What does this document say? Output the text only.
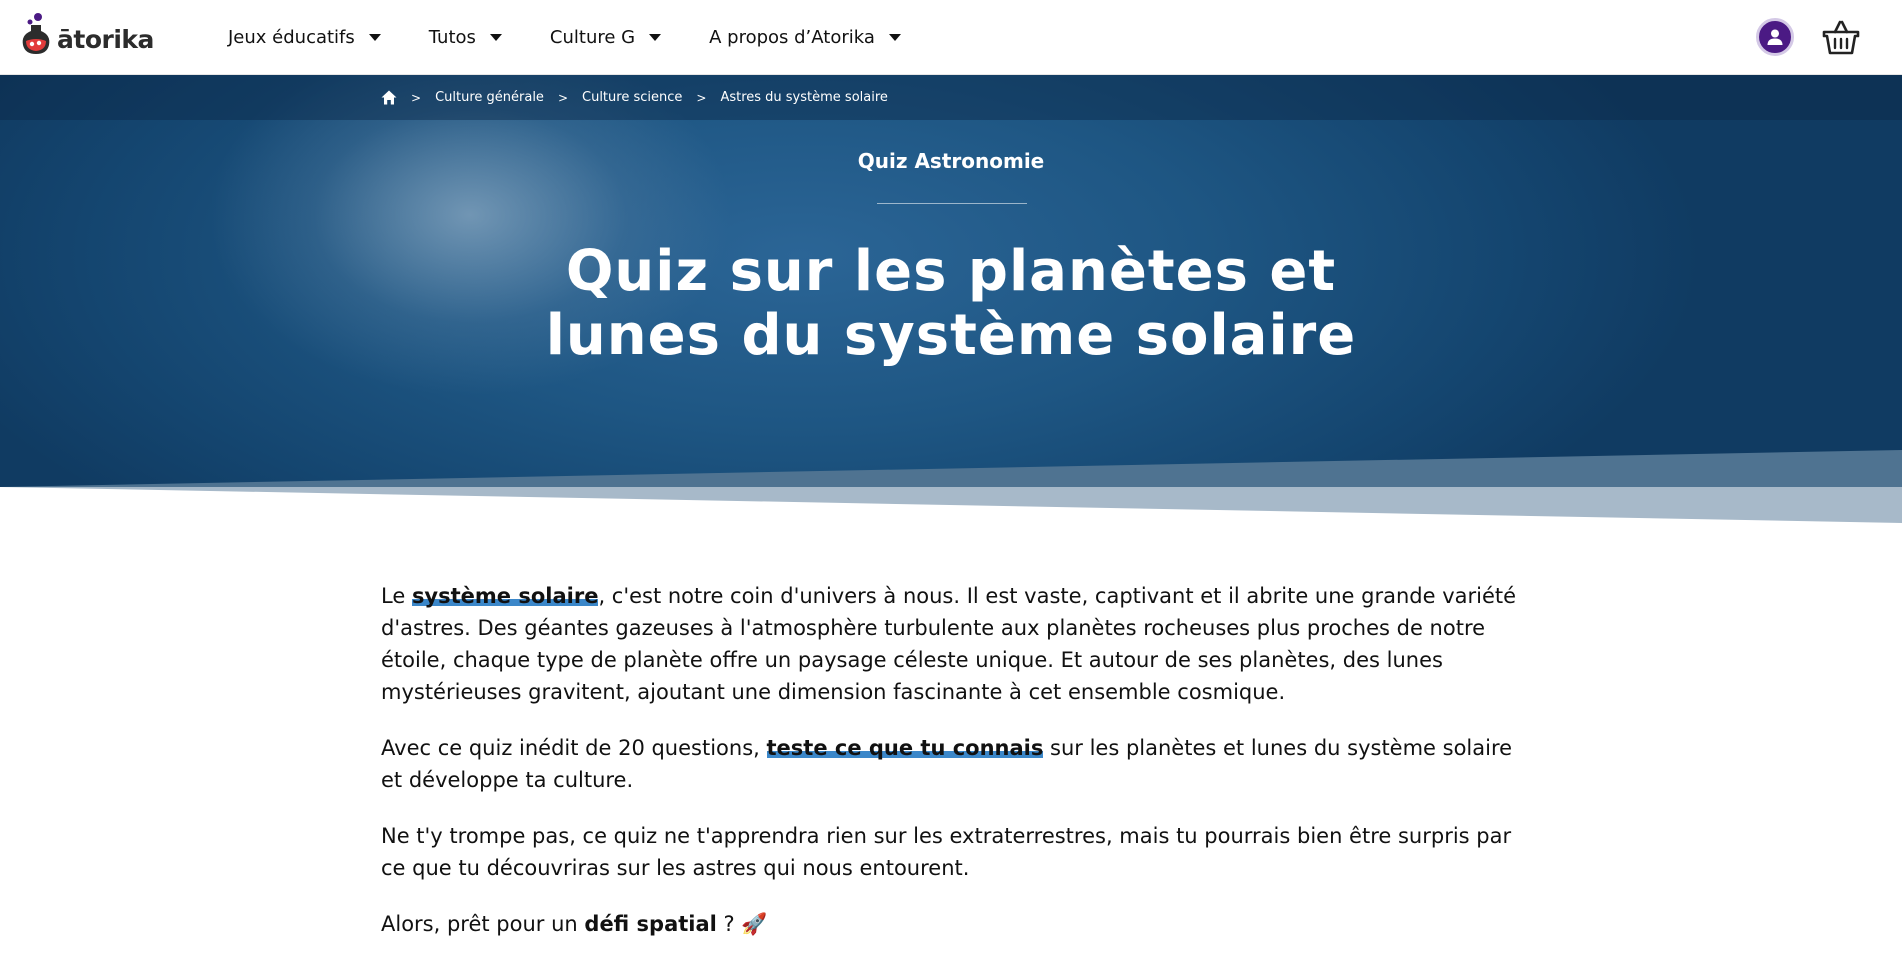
ātorika	Jeux éducatifs	Tutos	Culture G	A propos d’Atorika
> Culture générale > Culture science > Astres du système solaire
Quiz Astronomie
Quiz sur les planètes et
lunes du système solaire

Le système solaire, c'est notre coin d'univers à nous. Il est vaste, captivant et il abrite une grande variété d'astres. Des géantes gazeuses à l'atmosphère turbulente aux planètes rocheuses plus proches de notre étoile, chaque type de planète offre un paysage céleste unique. Et autour de ses planètes, des lunes mystérieuses gravitent, ajoutant une dimension fascinante à cet ensemble cosmique.

Avec ce quiz inédit de 20 questions, teste ce que tu connais sur les planètes et lunes du système solaire et développe ta culture.

Ne t'y trompe pas, ce quiz ne t'apprendra rien sur les extraterrestres, mais tu pourrais bien être surpris par ce que tu découvriras sur les astres qui nous entourent.

Alors, prêt pour un défi spatial ? 🚀
